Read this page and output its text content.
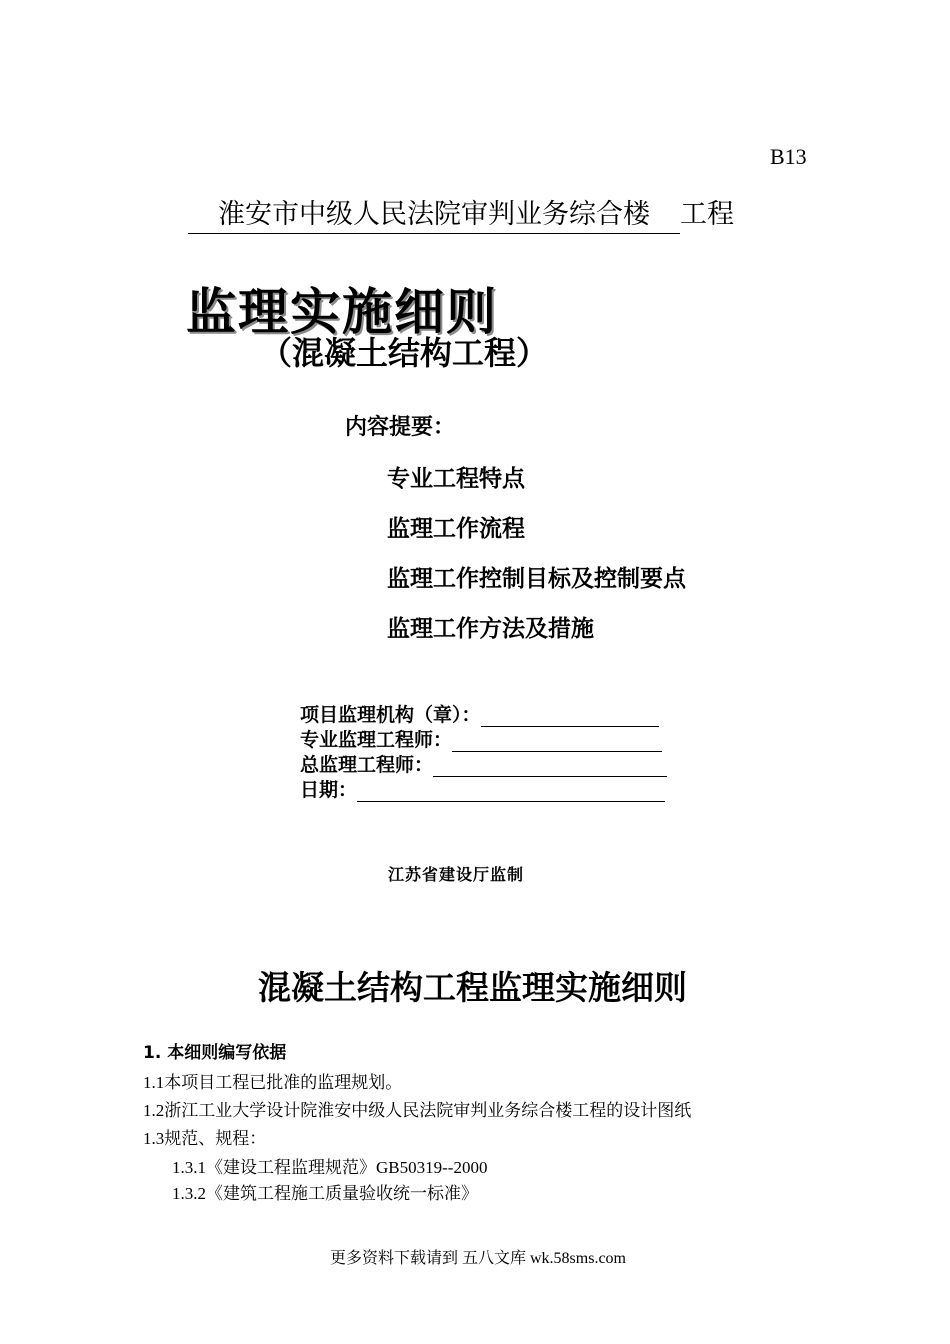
B13
淮安市中级人民法院审判业务综合楼 工程
监理实施细则
（混凝土结构工程）
内容提要：
专业工程特点
监理工作流程
监理工作控制目标及控制要点
监理工作方法及措施
项目监理机构（章）：
专业监理工程师：
总监理工程师：
日期：
江苏省建设厅监制
混凝土结构工程监理实施细则
1. 本细则编写依据
1.1本项目工程已批准的监理规划。
1.2浙江工业大学设计院淮安中级人民法院审判业务综合楼工程的设计图纸
1.3规范、规程：
1.3.1《建设工程监理规范》GB50319--2000
1.3.2《建筑工程施工质量验收统一标准》
更多资料下载请到 五八文库 wk.58sms.com
